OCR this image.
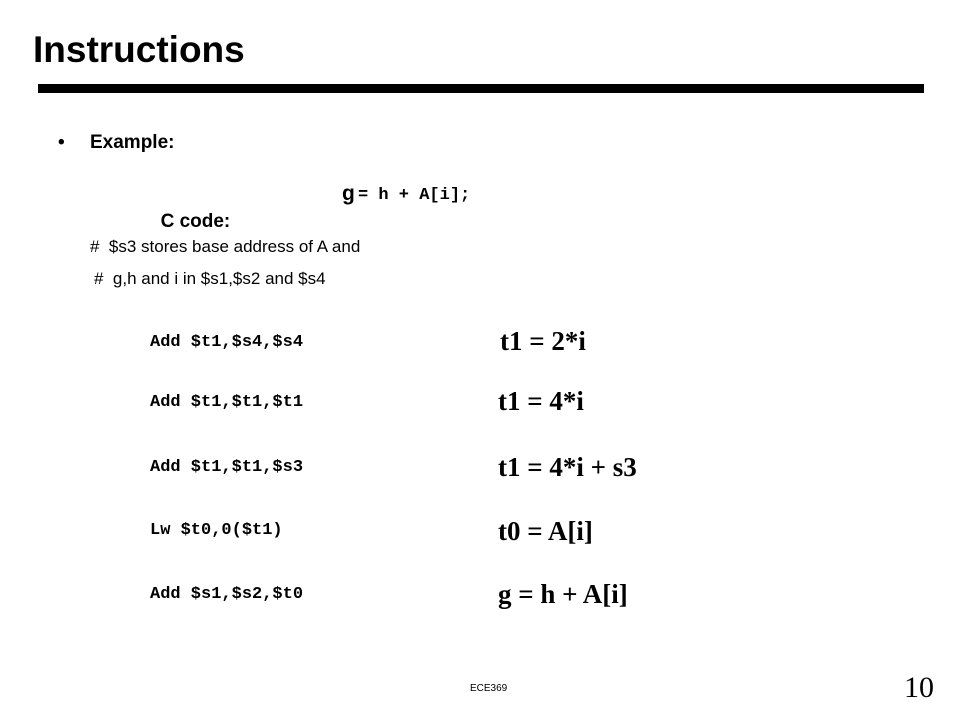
Instructions
• Example:

C code:

g

= h + A[i];

#  $s3 stores base address of A and
#  g,h and i in $s1,$s2 and $s4
Add $t1,$s4,$s4	t1 = 2*i
Add $t1,$t1,$t1	t1 = 4*i
Add $t1,$t1,$s3	t1 = 4*i + s3
Lw $t0,0($t1)	t0 = A[i]
Add $s1,$s2,$t0	g = h + A[i]
ECE369	10
